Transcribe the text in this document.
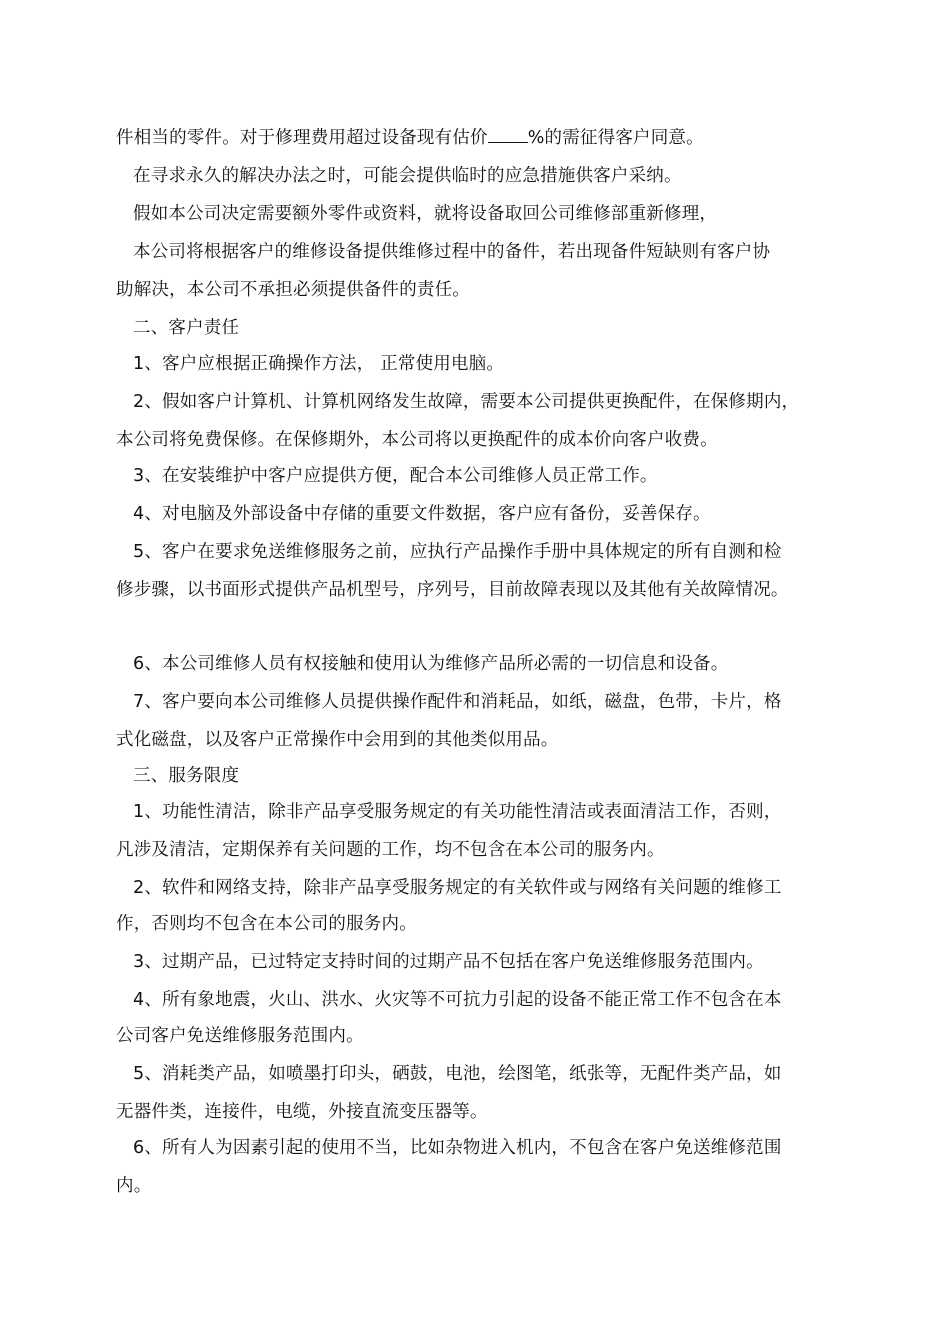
件相当的零件。对于修理费用超过设备现有估价 %的需征得客户同意。
在寻求永久的解决办法之时，可能会提供临时的应急措施供客户采纳。
假如本公司决定需要额外零件或资料，就将设备取回公司维修部重新修理，
本公司将根据客户的维修设备提供维修过程中的备件，若出现备件短缺则有客户协
助解决，本公司不承担必须提供备件的责任。
二、客户责任
1、客户应根据正确操作方法， 正常使用电脑。
2、假如客户计算机、计算机网络发生故障，需要本公司提供更换配件，在保修期内，
本公司将免费保修。在保修期外，本公司将以更换配件的成本价向客户收费。
3、在安装维护中客户应提供方便，配合本公司维修人员正常工作。
4、对电脑及外部设备中存储的重要文件数据，客户应有备份，妥善保存。
5、客户在要求免送维修服务之前，应执行产品操作手册中具体规定的所有自测和检
修步骤，以书面形式提供产品机型号，序列号，目前故障表现以及其他有关故障情况。
6、本公司维修人员有权接触和使用认为维修产品所必需的一切信息和设备。
7、客户要向本公司维修人员提供操作配件和消耗品，如纸，磁盘，色带，卡片，格
式化磁盘，以及客户正常操作中会用到的其他类似用品。
三、服务限度
1、功能性清洁，除非产品享受服务规定的有关功能性清洁或表面清洁工作，否则，
凡涉及清洁，定期保养有关问题的工作，均不包含在本公司的服务内。
2、软件和网络支持，除非产品享受服务规定的有关软件或与网络有关问题的维修工
作，否则均不包含在本公司的服务内。
3、过期产品，已过特定支持时间的过期产品不包括在客户免送维修服务范围内。
4、所有象地震，火山、洪水、火灾等不可抗力引起的设备不能正常工作不包含在本
公司客户免送维修服务范围内。
5、消耗类产品，如喷墨打印头，硒鼓，电池，绘图笔，纸张等，无配件类产品，如
无器件类，连接件，电缆，外接直流变压器等。
6、所有人为因素引起的使用不当，比如杂物进入机内，不包含在客户免送维修范围
内。
